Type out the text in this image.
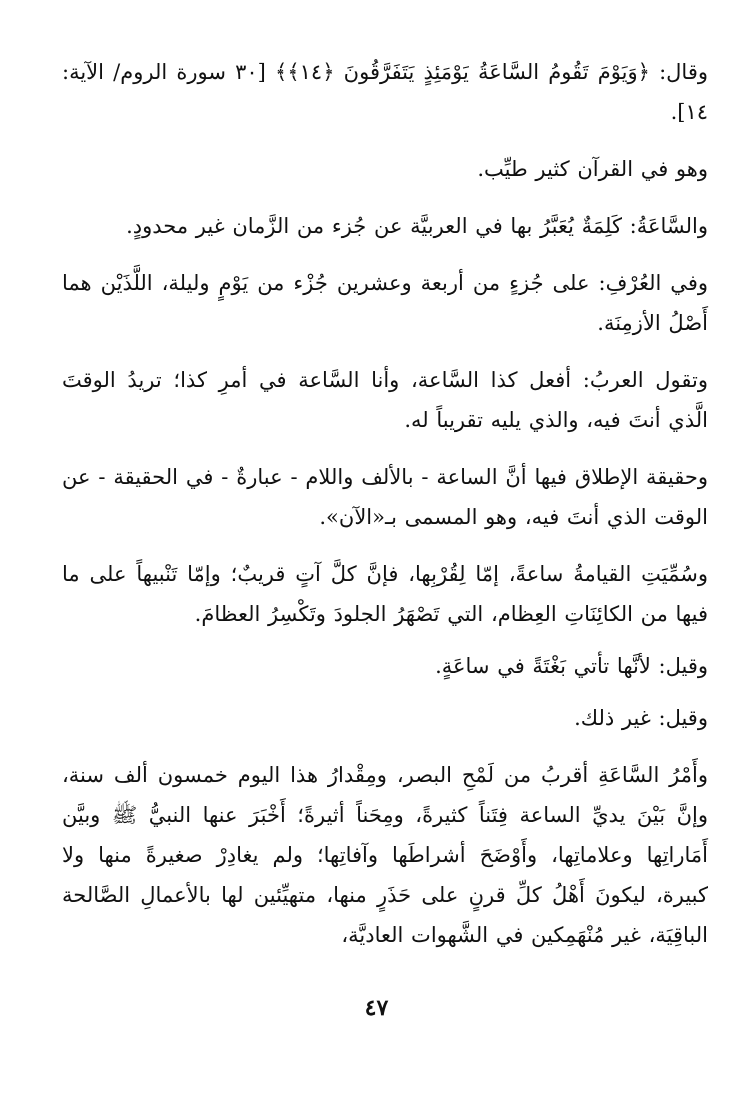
وقال: ﴿وَيَوْمَ تَقُومُ السَّاعَةُ يَوْمَئِذٍ يَتَفَرَّقُونَ ﴿١٤﴾﴾ [٣٠ سورة الروم/ الآية: ١٤].

وهو في القرآن كثير طيِّب.

والسَّاعَةُ: كَلِمَةٌ يُعَبَّرُ بها في العربيَّة عن جُزء من الزَّمان غير محدودٍ.

وفي العُرْفِ: على جُزءٍ من أربعة وعشرين جُزْء من يَوْمٍ وليلة، اللَّذَيْن هما أَصْلُ الأزمِنَة.

وتقول العربُ: أفعل كذا السَّاعة، وأنا السَّاعة في أمرِ كذا؛ تريدُ الوقتَ الَّذي أنتَ فيه، والذي يليه تقريباً له.

وحقيقة الإطلاق فيها أنَّ الساعة - بالألف واللام - عبارةٌ - في الحقيقة - عن الوقت الذي أنتَ فيه، وهو المسمى بـ«الآن».

وسُمِّيَتِ القيامةُ ساعةً، إمّا لِقُرْبِها، فإنَّ كلَّ آتٍ قريبٌ؛ وإمّا تَنْبيهاً على ما فيها من الكائِنَاتِ العِظام، التي تَصْهَرُ الجلودَ وتَكْسِرُ العظامَ.

وقيل: لأنَّها تأتي بَغْتَةً في ساعَةٍ.

وقيل: غير ذلك.

وأَمْرُ السَّاعَةِ أقربُ من لَمْحِ البصر، ومِقْدارُ هذا اليوم خمسون ألف سنة، وإنَّ بَيْنَ يديِّ الساعة فِتَناً كثيرةً، ومِحَناً أثيرةً؛ أَخْبَرَ عنها النبيُّ ﷺ وبيَّن أَمَاراتِها وعلاماتِها، وأَوْضَحَ أشراطَها وآفاتِها؛ ولم يغادِرْ صغيرةً منها ولا كبيرة، ليكونَ أَهْلُ كلِّ قرنٍ على حَذَرٍ منها، متهيِّئين لها بالأعمالِ الصَّالحة الباقِيَة، غير مُنْهَمِكين في الشَّهوات العاديَّة،

٤٧
